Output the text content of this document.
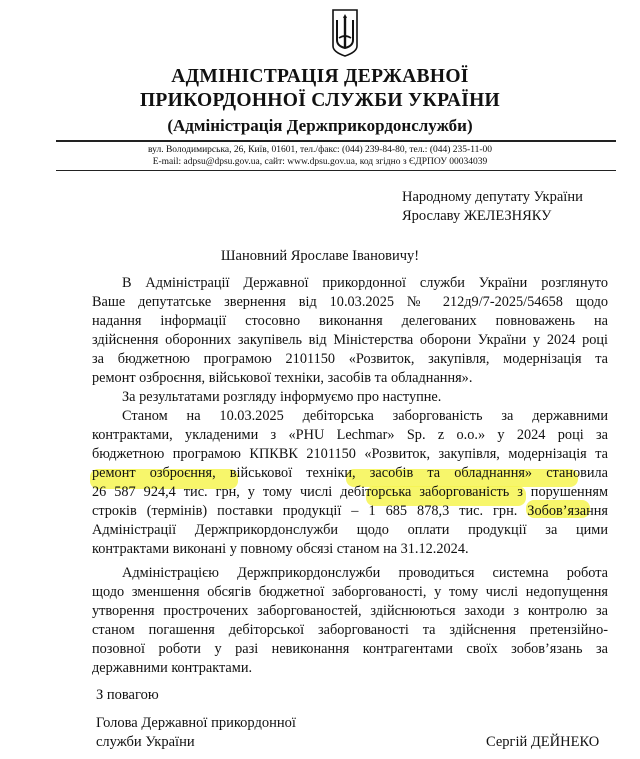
АДМІНІСТРАЦІЯ ДЕРЖАВНОЇ
ПРИКОРДОННОЇ СЛУЖБИ УКРАЇНИ
(Адміністрація Держприкордонслужби)
вул. Володимирська, 26, Київ, 01601, тел./факс: (044) 239-84-80, тел.: (044) 235-11-00
E-mail: adpsu@dpsu.gov.ua, сайт: www.dpsu.gov.ua, код згідно з ЄДРПОУ 00034039
Народному депутату України
Ярославу ЖЕЛЕЗНЯКУ
Шановний Ярославе Івановичу!
В Адміністрації Державної прикордонної служби України розглянуто
Ваше депутатське звернення від 10.03.2025 № 212д9/7-2025/54658 щодо
надання інформації стосовно виконання делегованих повноважень на
здійснення оборонних закупівель від Міністерства оборони України у 2024 році
за бюджетною програмою 2101150 «Розвиток, закупівля, модернізація та
ремонт озброєння, військової техніки, засобів та обладнання».
За результатами розгляду інформуємо про наступне.
Станом на 10.03.2025 дебіторська заборгованість за державними
контрактами, укладеними з «PHU Lechmar» Sp. z o.o.» у 2024 році за
бюджетною програмою КПКВК 2101150 «Розвиток, закупівля, модернізація та
ремонт озброєння, військової техніки, засобів та обладнання» становила
26 587 924,4 тис. грн, у тому числі дебіторська заборгованість з порушенням
строків (термінів) поставки продукції – 1 685 878,3 тис. грн. Зобов’язання
Адміністрації Держприкордонслужби щодо оплати продукції за цими
контрактами виконані у повному обсязі станом на 31.12.2024.
Адміністрацією Держприкордонслужби проводиться системна робота
щодо зменшення обсягів бюджетної заборгованості, у тому числі недопущення
утворення прострочених заборгованостей, здійснюються заходи з контролю за
станом погашення дебіторської заборгованості та здійснення претензійно-
позовної роботи у разі невиконання контрагентами своїх зобов’язань за
державними контрактами.
З повагою
Голова Державної прикордонної
служби України	Сергій ДЕЙНЕКО
